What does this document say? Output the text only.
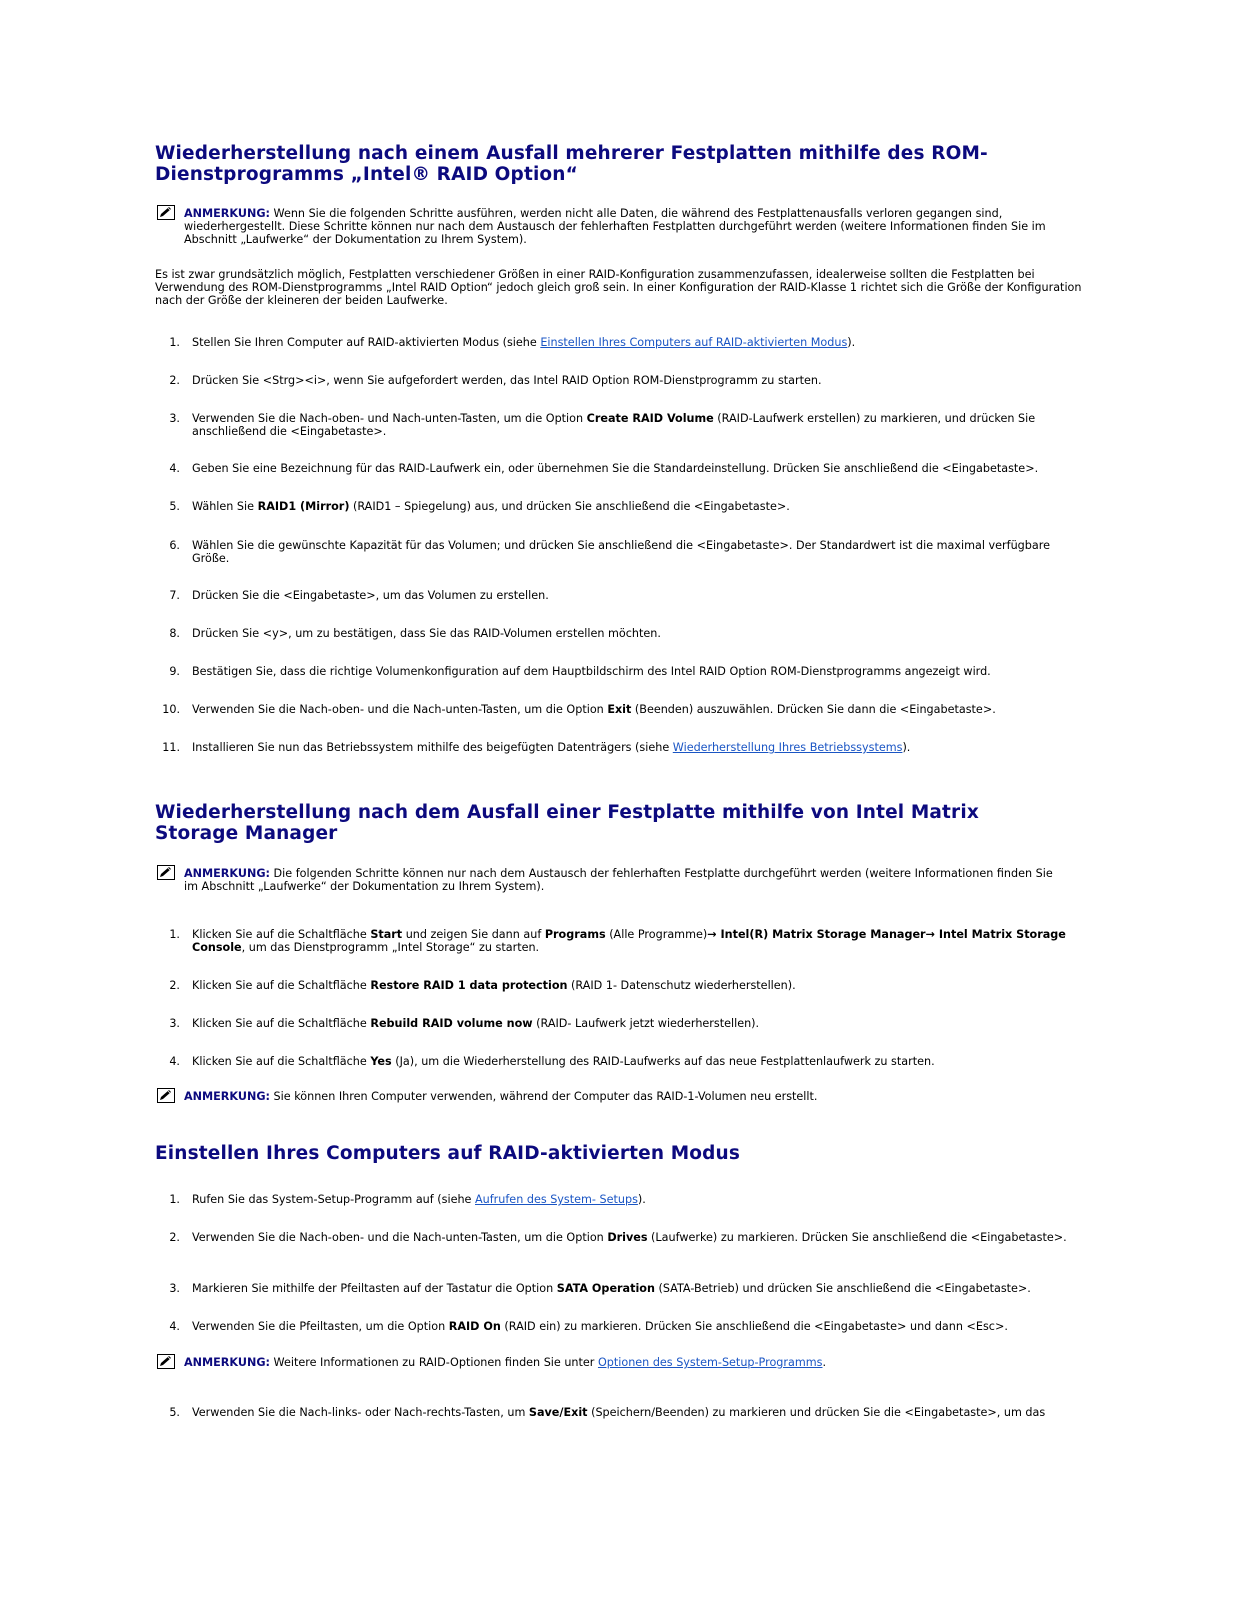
Wiederherstellung nach einem Ausfall mehrerer Festplatten mithilfe des ROM-Dienstprogramms „Intel® RAID Option“
ANMERKUNG: Wenn Sie die folgenden Schritte ausführen, werden nicht alle Daten, die während des Festplattenausfalls verloren gegangen sind, wiederhergestellt. Diese Schritte können nur nach dem Austausch der fehlerhaften Festplatten durchgeführt werden (weitere Informationen finden Sie im Abschnitt „Laufwerke“ der Dokumentation zu Ihrem System).

Es ist zwar grundsätzlich möglich, Festplatten verschiedener Größen in einer RAID-Konfiguration zusammenzufassen, idealerweise sollten die Festplatten bei Verwendung des ROM-Dienstprogramms „Intel RAID Option“ jedoch gleich groß sein. In einer Konfiguration der RAID-Klasse 1 richtet sich die Größe der Konfiguration nach der Größe der kleineren der beiden Laufwerke.

1. Stellen Sie Ihren Computer auf RAID-aktivierten Modus (siehe Einstellen Ihres Computers auf RAID-aktivierten Modus).
2. Drücken Sie <Strg><i>, wenn Sie aufgefordert werden, das Intel RAID Option ROM-Dienstprogramm zu starten.
3. Verwenden Sie die Nach-oben- und Nach-unten-Tasten, um die Option Create RAID Volume (RAID-Laufwerk erstellen) zu markieren, und drücken Sie anschließend die <Eingabetaste>.
4. Geben Sie eine Bezeichnung für das RAID-Laufwerk ein, oder übernehmen Sie die Standardeinstellung. Drücken Sie anschließend die <Eingabetaste>.
5. Wählen Sie RAID1 (Mirror) (RAID1 – Spiegelung) aus, und drücken Sie anschließend die <Eingabetaste>.
6. Wählen Sie die gewünschte Kapazität für das Volumen; und drücken Sie anschließend die <Eingabetaste>. Der Standardwert ist die maximal verfügbare Größe.
7. Drücken Sie die <Eingabetaste>, um das Volumen zu erstellen.
8. Drücken Sie <y>, um zu bestätigen, dass Sie das RAID-Volumen erstellen möchten.
9. Bestätigen Sie, dass die richtige Volumenkonfiguration auf dem Hauptbildschirm des Intel RAID Option ROM-Dienstprogramms angezeigt wird.
10. Verwenden Sie die Nach-oben- und die Nach-unten-Tasten, um die Option Exit (Beenden) auszuwählen. Drücken Sie dann die <Eingabetaste>.
11. Installieren Sie nun das Betriebssystem mithilfe des beigefügten Datenträgers (siehe Wiederherstellung Ihres Betriebssystems).
Wiederherstellung nach dem Ausfall einer Festplatte mithilfe von Intel Matrix Storage Manager
ANMERKUNG: Die folgenden Schritte können nur nach dem Austausch der fehlerhaften Festplatte durchgeführt werden (weitere Informationen finden Sie im Abschnitt „Laufwerke“ der Dokumentation zu Ihrem System).
1. Klicken Sie auf die Schaltfläche Start und zeigen Sie dann auf Programs (Alle Programme)→ Intel(R) Matrix Storage Manager→ Intel Matrix Storage Console, um das Dienstprogramm „Intel Storage“ zu starten.
2. Klicken Sie auf die Schaltfläche Restore RAID 1 data protection (RAID 1- Datenschutz wiederherstellen).
3. Klicken Sie auf die Schaltfläche Rebuild RAID volume now (RAID- Laufwerk jetzt wiederherstellen).
4. Klicken Sie auf die Schaltfläche Yes (Ja), um die Wiederherstellung des RAID-Laufwerks auf das neue Festplattenlaufwerk zu starten.
ANMERKUNG: Sie können Ihren Computer verwenden, während der Computer das RAID-1-Volumen neu erstellt.
Einstellen Ihres Computers auf RAID-aktivierten Modus
1. Rufen Sie das System-Setup-Programm auf (siehe Aufrufen des System- Setups).
2. Verwenden Sie die Nach-oben- und die Nach-unten-Tasten, um die Option Drives (Laufwerke) zu markieren. Drücken Sie anschließend die <Eingabetaste>.
3. Markieren Sie mithilfe der Pfeiltasten auf der Tastatur die Option SATA Operation (SATA-Betrieb) und drücken Sie anschließend die <Eingabetaste>.
4. Verwenden Sie die Pfeiltasten, um die Option RAID On (RAID ein) zu markieren. Drücken Sie anschließend die <Eingabetaste> und dann <Esc>.
ANMERKUNG: Weitere Informationen zu RAID-Optionen finden Sie unter Optionen des System-Setup-Programms.
5. Verwenden Sie die Nach-links- oder Nach-rechts-Tasten, um Save/Exit (Speichern/Beenden) zu markieren und drücken Sie die <Eingabetaste>, um das
